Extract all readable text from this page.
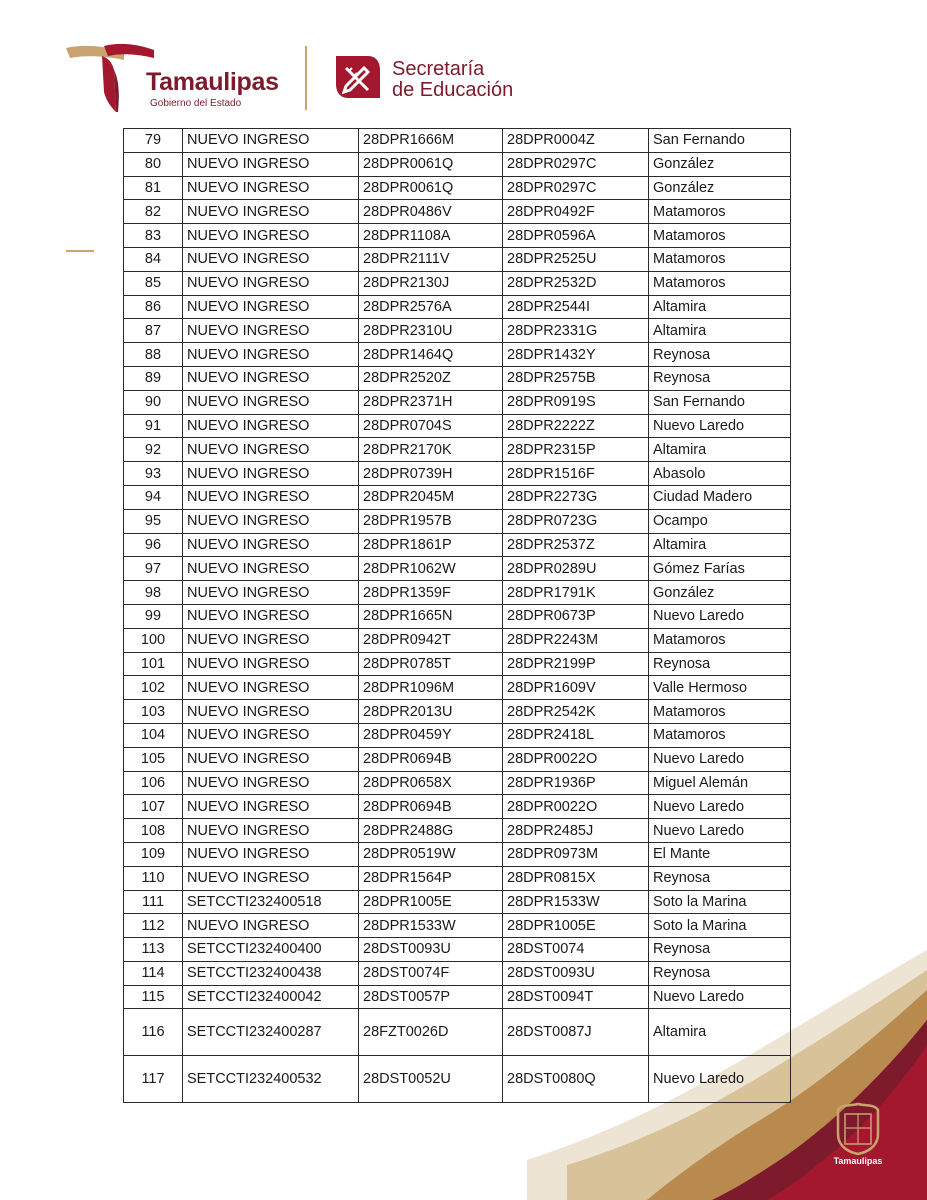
Tamaulipas
Gobierno del Estado
Secretaría
de Educación
Tamaulipas
79	NUEVO INGRESO	28DPR1666M	28DPR0004Z	San Fernando
80	NUEVO INGRESO	28DPR0061Q	28DPR0297C	González
81	NUEVO INGRESO	28DPR0061Q	28DPR0297C	González
82	NUEVO INGRESO	28DPR0486V	28DPR0492F	Matamoros
83	NUEVO INGRESO	28DPR1108A	28DPR0596A	Matamoros
84	NUEVO INGRESO	28DPR2111V	28DPR2525U	Matamoros
85	NUEVO INGRESO	28DPR2130J	28DPR2532D	Matamoros
86	NUEVO INGRESO	28DPR2576A	28DPR2544I	Altamira
87	NUEVO INGRESO	28DPR2310U	28DPR2331G	Altamira
88	NUEVO INGRESO	28DPR1464Q	28DPR1432Y	Reynosa
89	NUEVO INGRESO	28DPR2520Z	28DPR2575B	Reynosa
90	NUEVO INGRESO	28DPR2371H	28DPR0919S	San Fernando
91	NUEVO INGRESO	28DPR0704S	28DPR2222Z	Nuevo Laredo
92	NUEVO INGRESO	28DPR2170K	28DPR2315P	Altamira
93	NUEVO INGRESO	28DPR0739H	28DPR1516F	Abasolo
94	NUEVO INGRESO	28DPR2045M	28DPR2273G	Ciudad Madero
95	NUEVO INGRESO	28DPR1957B	28DPR0723G	Ocampo
96	NUEVO INGRESO	28DPR1861P	28DPR2537Z	Altamira
97	NUEVO INGRESO	28DPR1062W	28DPR0289U	Gómez Farías
98	NUEVO INGRESO	28DPR1359F	28DPR1791K	González
99	NUEVO INGRESO	28DPR1665N	28DPR0673P	Nuevo Laredo
100	NUEVO INGRESO	28DPR0942T	28DPR2243M	Matamoros
101	NUEVO INGRESO	28DPR0785T	28DPR2199P	Reynosa
102	NUEVO INGRESO	28DPR1096M	28DPR1609V	Valle Hermoso
103	NUEVO INGRESO	28DPR2013U	28DPR2542K	Matamoros
104	NUEVO INGRESO	28DPR0459Y	28DPR2418L	Matamoros
105	NUEVO INGRESO	28DPR0694B	28DPR0022O	Nuevo Laredo
106	NUEVO INGRESO	28DPR0658X	28DPR1936P	Miguel Alemán
107	NUEVO INGRESO	28DPR0694B	28DPR0022O	Nuevo Laredo
108	NUEVO INGRESO	28DPR2488G	28DPR2485J	Nuevo Laredo
109	NUEVO INGRESO	28DPR0519W	28DPR0973M	El Mante
110	NUEVO INGRESO	28DPR1564P	28DPR0815X	Reynosa
111	SETCCTI232400518	28DPR1005E	28DPR1533W	Soto la Marina
112	NUEVO INGRESO	28DPR1533W	28DPR1005E	Soto la Marina
113	SETCCTI232400400	28DST0093U	28DST0074	Reynosa
114	SETCCTI232400438	28DST0074F	28DST0093U	Reynosa
115	SETCCTI232400042	28DST0057P	28DST0094T	Nuevo Laredo
116	SETCCTI232400287	28FZT0026D	28DST0087J	Altamira
117	SETCCTI232400532	28DST0052U	28DST0080Q	Nuevo Laredo
